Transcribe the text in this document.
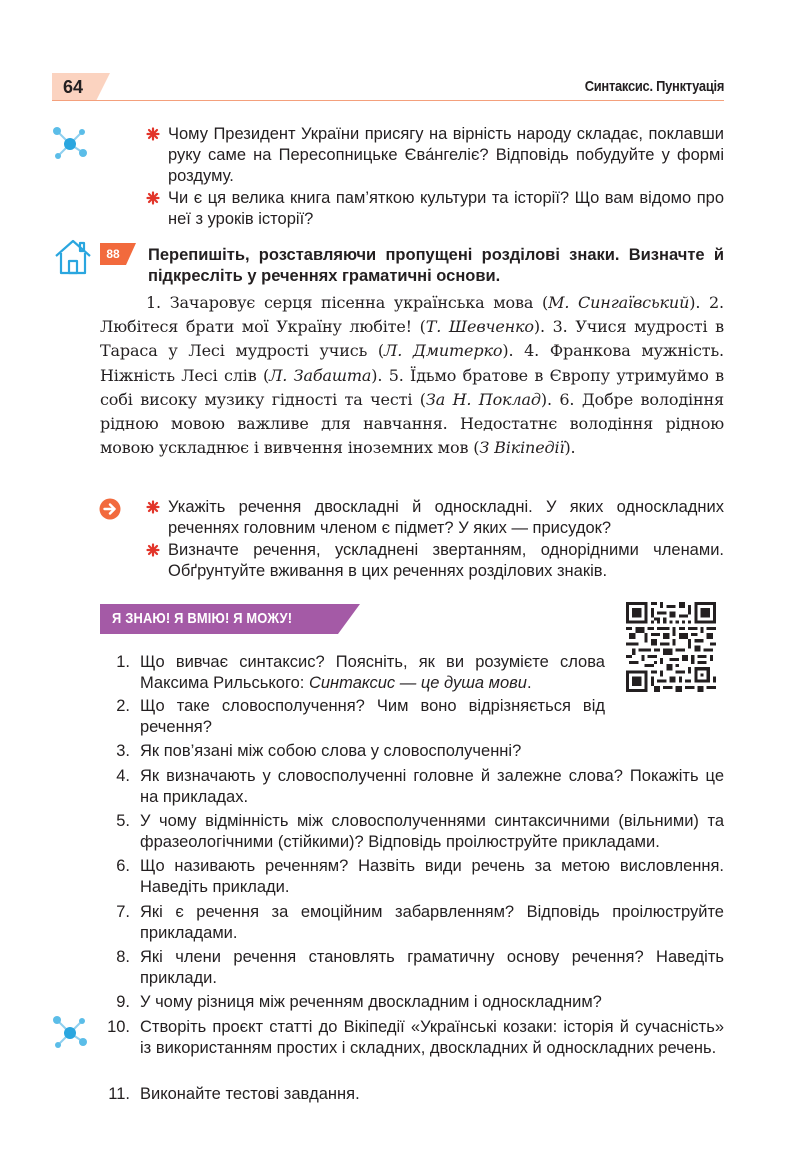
64	Синтаксис. Пунктуація
Чому Президент України присягу на вірність народу складає, поклавши руку саме на Пересопницьке Єва́нгеліє? Відповідь побудуйте у формі роздуму.
Чи є ця велика книга пам’яткою культури та історії? Що вам відомо про неї з уроків історії?
88	Перепишіть, розставляючи пропущені розділові знаки. Визначте й підкресліть у реченнях граматичні основи.
1. Зачаровує серця пісенна українська мова (М. Сингаївський). 2. Любітеся брати мої Україну любіте! (Т. Шевченко). 3. Учися мудрості в Тараса у Лесі мудрості учись (Л. Дмитерко). 4. Франкова мужність. Ніжність Лесі слів (Л. Забашта). 5. Їдьмо братове в Європу утримуймо в собі високу музику гідності та честі (За Н. Поклад). 6. Добре володіння рідною мовою важливе для навчання. Недостатнє володіння рідною мовою ускладнює і вивчення іноземних мов (З Вікіпедії).
Укажіть речення двоскладні й односкладні. У яких односкладних реченнях головним членом є підмет? У яких — присудок?
Визначте речення, ускладнені звертанням, однорідними членами. Обґрунтуйте вживання в цих реченнях розділових знаків.
Я ЗНАЮ! Я ВМІЮ! Я МОЖУ!
1. Що вивчає синтаксис? Поясніть, як ви розумієте слова Максима Рильського: Синтаксис — це душа мови.
2. Що таке словосполучення? Чим воно відрізняється від речення?
3. Як пов’язані між собою слова у словосполученні?
4. Як визначають у словосполученні головне й залежне слова? Покажіть це на прикладах.
5. У чому відмінність між словосполученнями синтаксичними (вільними) та фразеологічними (стійкими)? Відповідь проілюструйте прикладами.
6. Що називають реченням? Назвіть види речень за метою висловлення. Наведіть приклади.
7. Які є речення за емоційним забарвленням? Відповідь проілюструйте прикладами.
8. Які члени речення становлять граматичну основу речення? Наведіть приклади.
9. У чому різниця між реченням двоскладним і односкладним?
10. Створіть проєкт статті до Вікіпедії «Українські козаки: історія й сучасність» із використанням простих і складних, двоскладних й односкладних речень.
11. Виконайте тестові завдання.
